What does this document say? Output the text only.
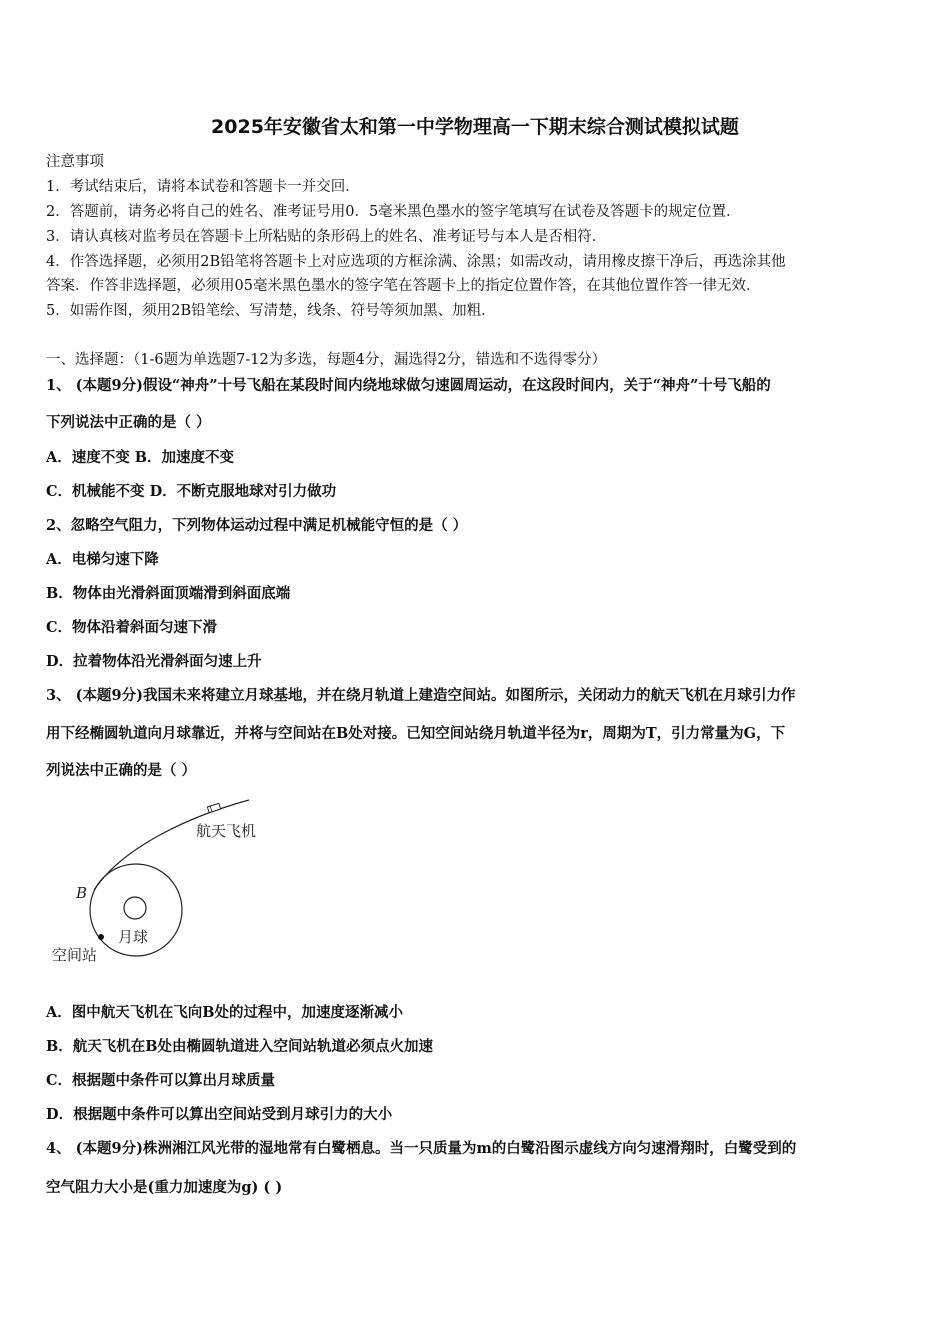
2025年安徽省太和第一中学物理高一下期末综合测试模拟试题
注意事项
1．考试结束后，请将本试卷和答题卡一并交回．
2．答题前，请务必将自己的姓名、准考证号用0．5毫米黑色墨水的签字笔填写在试卷及答题卡的规定位置．
3．请认真核对监考员在答题卡上所粘贴的条形码上的姓名、准考证号与本人是否相符．
4．作答选择题，必须用2B铅笔将答题卡上对应选项的方框涂满、涂黑；如需改动，请用橡皮擦干净后，再选涂其他
答案．作答非选择题，必须用05毫米黑色墨水的签字笔在答题卡上的指定位置作答，在其他位置作答一律无效．
5．如需作图，须用2B铅笔绘、写清楚，线条、符号等须加黑、加粗．
一、选择题：（1-6题为单选题7-12为多选，每题4分，漏选得2分，错选和不选得零分）
1、 (本题9分)假设“神舟”十号飞船在某段时间内绕地球做匀速圆周运动，在这段时间内，关于“神舟”十号飞船的
下列说法中正确的是（ ）
A．速度不变 B．加速度不变
C．机械能不变 D．不断克服地球对引力做功
2、忽略空气阻力，下列物体运动过程中满足机械能守恒的是（ ）
A．电梯匀速下降
B．物体由光滑斜面顶端滑到斜面底端
C．物体沿着斜面匀速下滑
D．拉着物体沿光滑斜面匀速上升
3、 (本题9分)我国未来将建立月球基地，并在绕月轨道上建造空间站。如图所示，关闭动力的航天飞机在月球引力作
用下经椭圆轨道向月球靠近，并将与空间站在B处对接。已知空间站绕月轨道半径为r，周期为T，引力常量为G，下
列说法中正确的是（ ）
航天飞机
B
月球
空间站
A．图中航天飞机在飞向B处的过程中，加速度逐渐减小
B．航天飞机在B处由椭圆轨道进入空间站轨道必须点火加速
C．根据题中条件可以算出月球质量
D．根据题中条件可以算出空间站受到月球引力的大小
4、 (本题9分)株洲湘江风光带的湿地常有白鹭栖息。当一只质量为m的白鹭沿图示虚线方向匀速滑翔时，白鹭受到的
空气阻力大小是(重力加速度为g) ( )
